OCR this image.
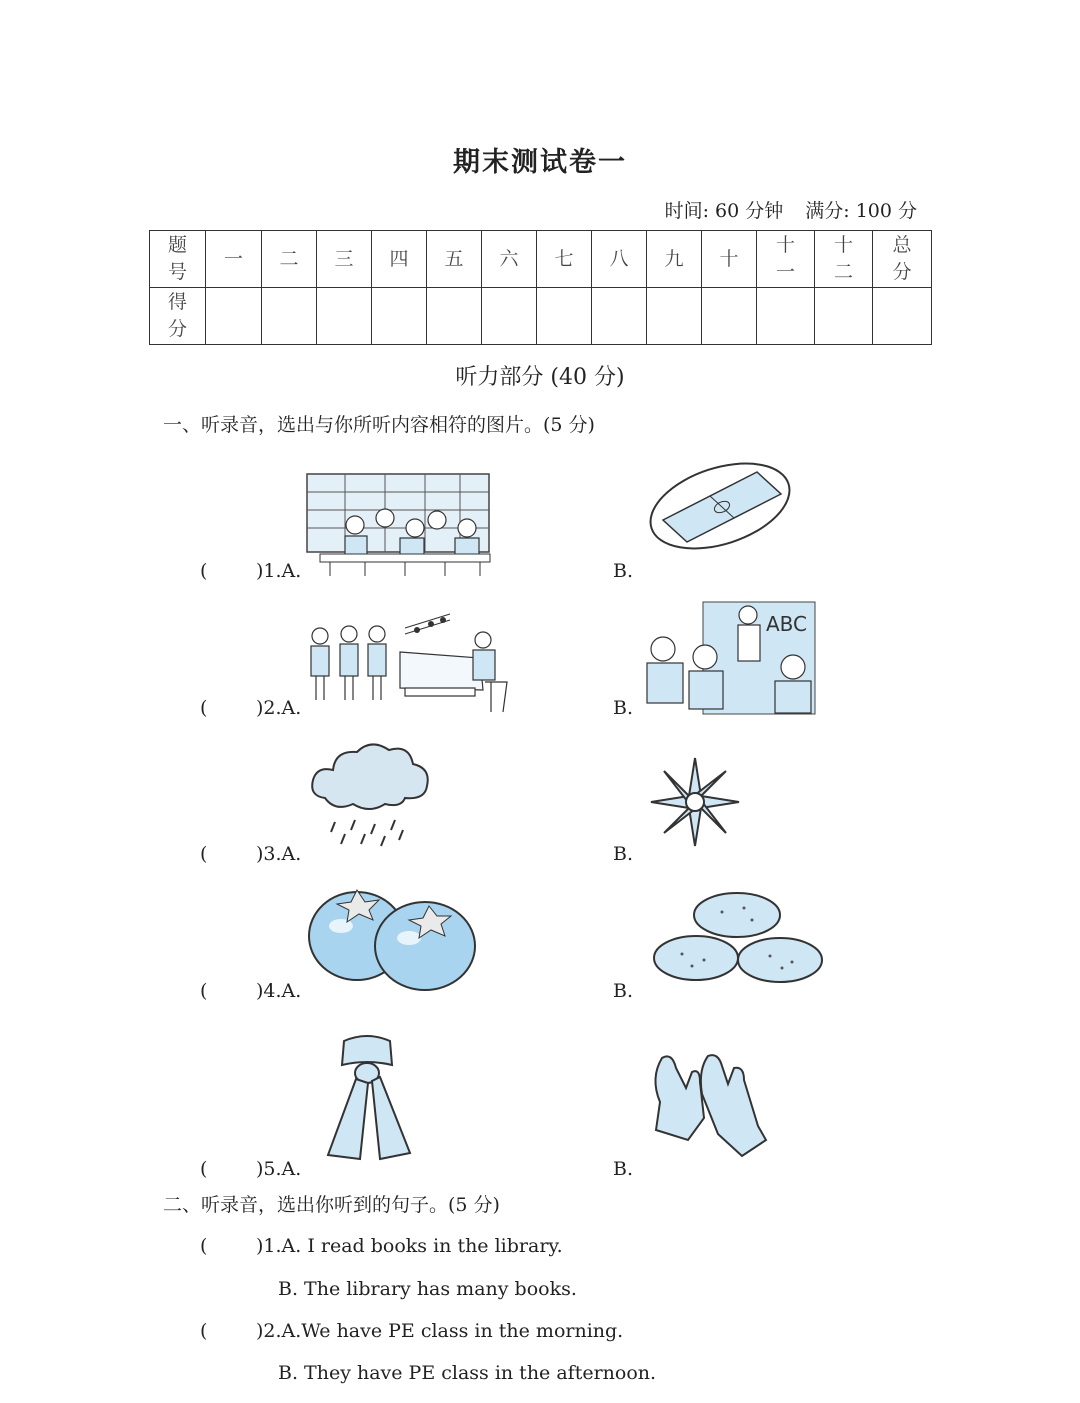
期末测试卷一
时间: 60 分钟 满分: 100 分
题号	一	二	三	四	五	六	七	八	九	十	十一	十二	总分
得分													
听力部分 (40 分)
一、听录音，选出与你所听内容相符的图片。(5 分)
()1.A.	B.
()2.A.	B.
ABC
()3.A.	B.
()4.A.	B.
()5.A.	B.
二、听录音，选出你听到的句子。(5 分)
()1.A. I read books in the library.
B. The library has many books.
()2.A.We have PE class in the morning.
B. They have PE class in the afternoon.
